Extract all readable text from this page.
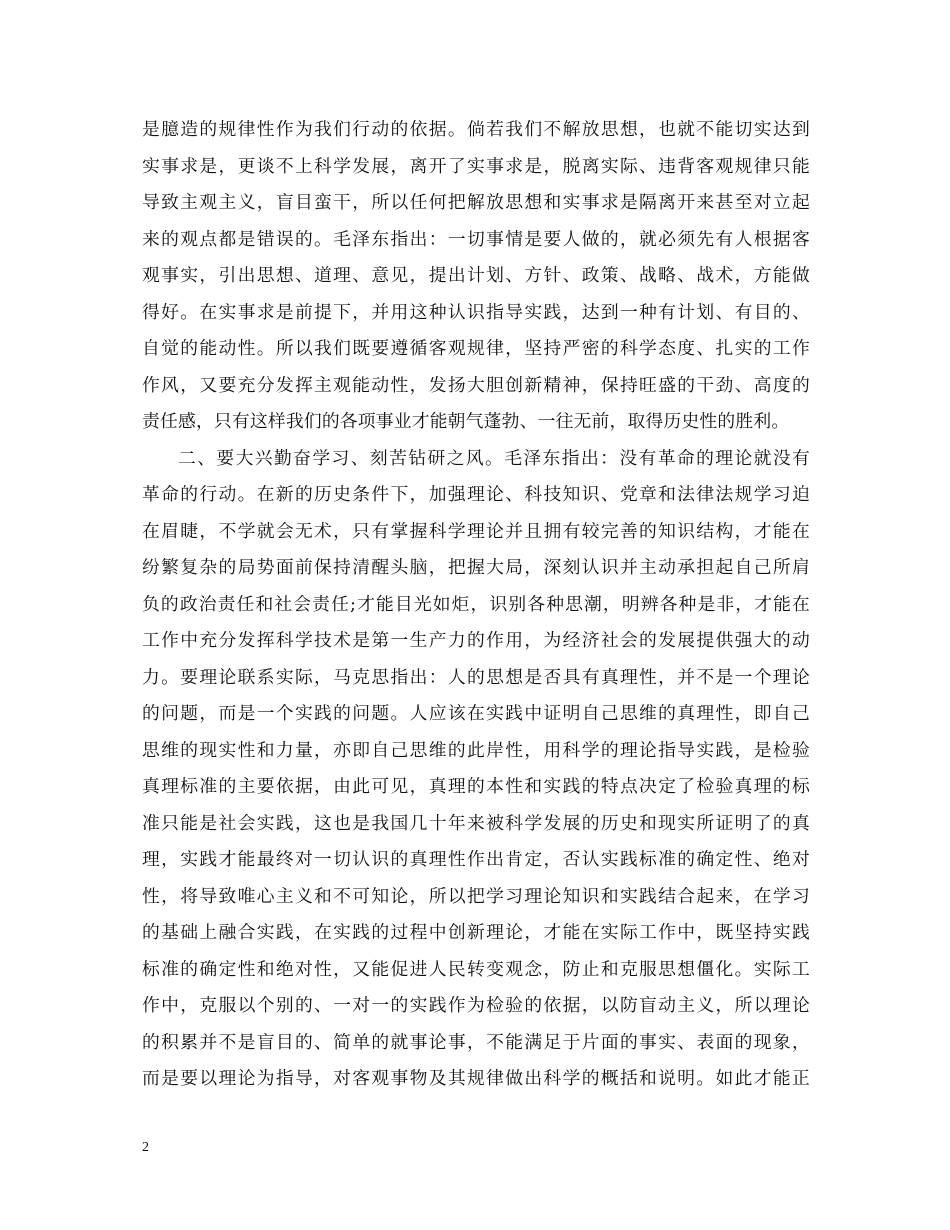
是臆造的规律性作为我们行动的依据。倘若我们不解放思想，也就不能切实达到
实事求是，更谈不上科学发展，离开了实事求是，脱离实际、违背客观规律只能
导致主观主义，盲目蛮干，所以任何把解放思想和实事求是隔离开来甚至对立起
来的观点都是错误的。毛泽东指出：一切事情是要人做的，就必须先有人根据客
观事实，引出思想、道理、意见，提出计划、方针、政策、战略、战术，方能做
得好。在实事求是前提下，并用这种认识指导实践，达到一种有计划、有目的、
自觉的能动性。所以我们既要遵循客观规律，坚持严密的科学态度、扎实的工作
作风，又要充分发挥主观能动性，发扬大胆创新精神，保持旺盛的干劲、高度的
责任感，只有这样我们的各项事业才能朝气蓬勃、一往无前，取得历史性的胜利。
二、要大兴勤奋学习、刻苦钻研之风。毛泽东指出：没有革命的理论就没有
革命的行动。在新的历史条件下，加强理论、科技知识、党章和法律法规学习迫
在眉睫，不学就会无术，只有掌握科学理论并且拥有较完善的知识结构，才能在
纷繁复杂的局势面前保持清醒头脑，把握大局，深刻认识并主动承担起自己所肩
负的政治责任和社会责任;才能目光如炬，识别各种思潮，明辨各种是非，才能在
工作中充分发挥科学技术是第一生产力的作用，为经济社会的发展提供强大的动
力。要理论联系实际，马克思指出：人的思想是否具有真理性，并不是一个理论
的问题，而是一个实践的问题。人应该在实践中证明自己思维的真理性，即自己
思维的现实性和力量，亦即自己思维的此岸性，用科学的理论指导实践，是检验
真理标准的主要依据，由此可见，真理的本性和实践的特点决定了检验真理的标
准只能是社会实践，这也是我国几十年来被科学发展的历史和现实所证明了的真
理，实践才能最终对一切认识的真理性作出肯定，否认实践标准的确定性、绝对
性，将导致唯心主义和不可知论，所以把学习理论知识和实践结合起来，在学习
的基础上融合实践，在实践的过程中创新理论，才能在实际工作中，既坚持实践
标准的确定性和绝对性，又能促进人民转变观念，防止和克服思想僵化。实际工
作中，克服以个别的、一对一的实践作为检验的依据，以防盲动主义，所以理论
的积累并不是盲目的、简单的就事论事，不能满足于片面的事实、表面的现象，
而是要以理论为指导，对客观事物及其规律做出科学的概括和说明。如此才能正
2
